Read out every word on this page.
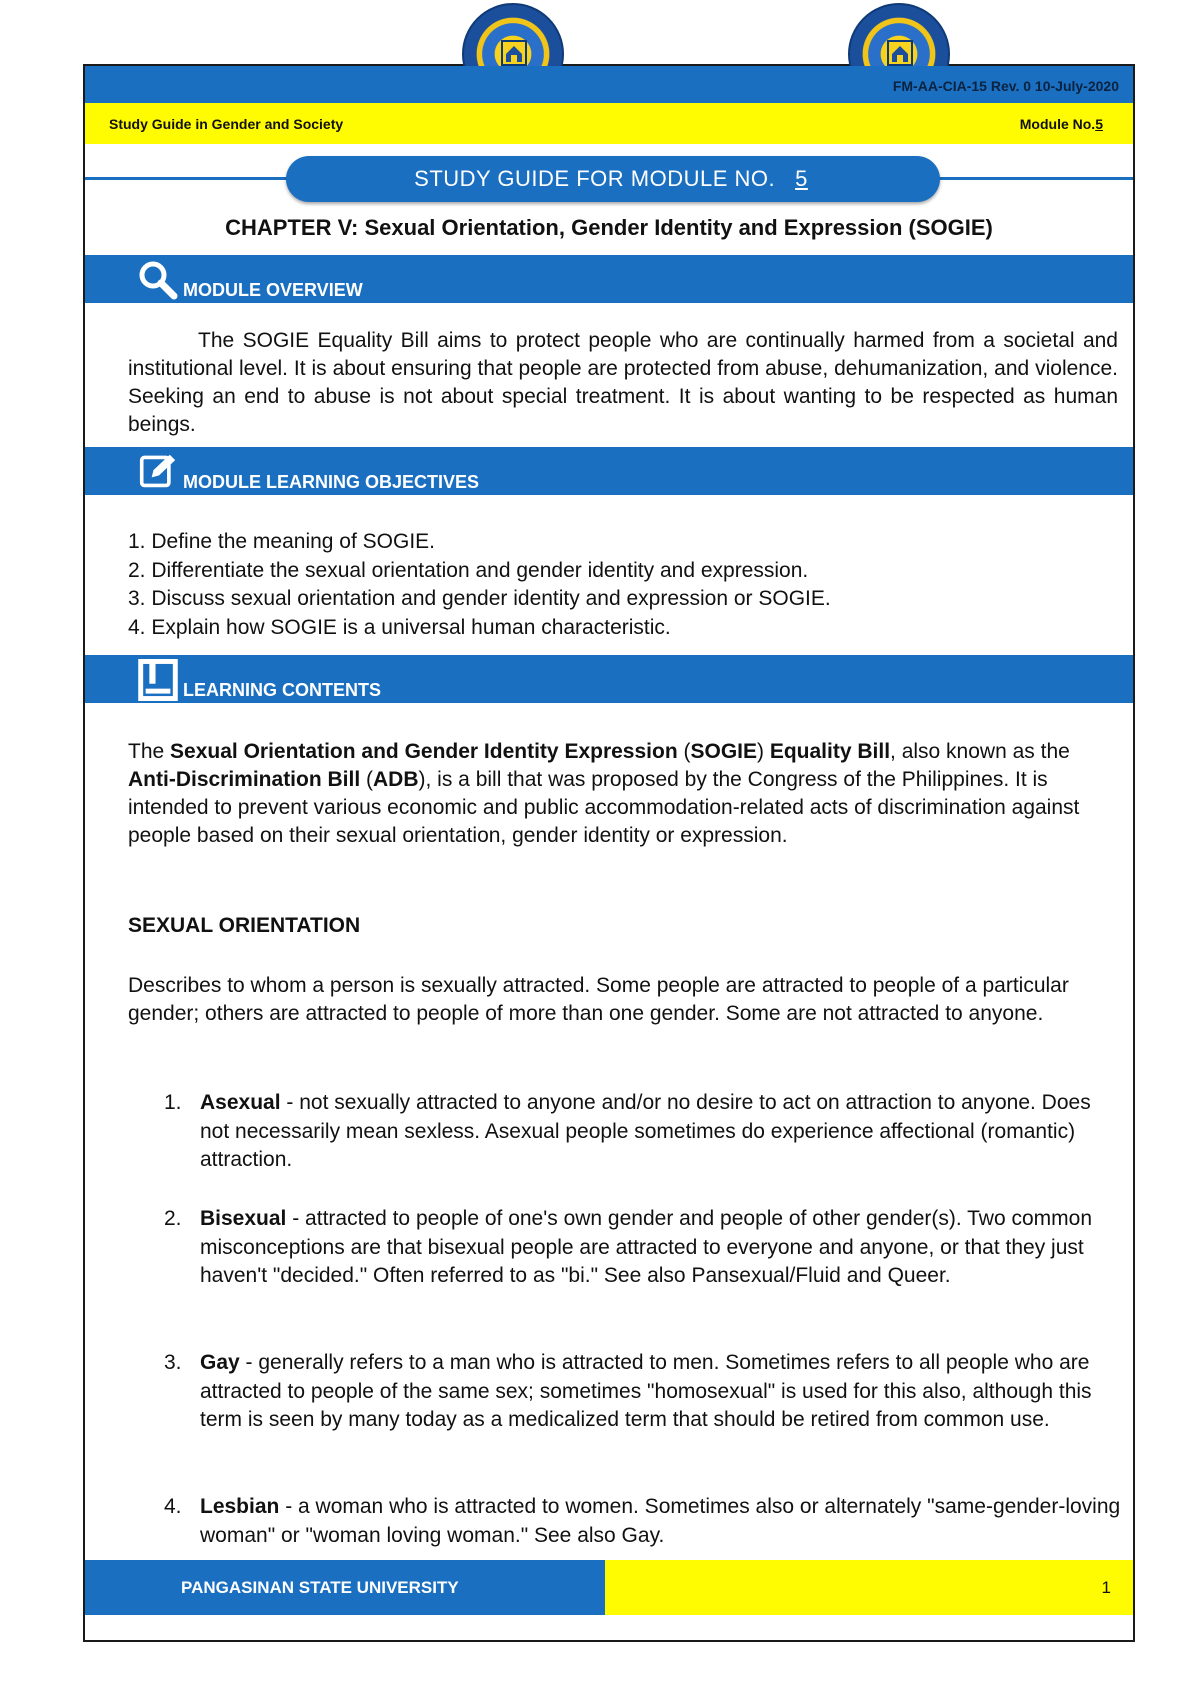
FM-AA-CIA-15 Rev. 0 10-July-2020
Study Guide in Gender and Society	Module No.5
STUDY GUIDE FOR MODULE NO. 5
CHAPTER V: Sexual Orientation, Gender Identity and Expression (SOGIE)
MODULE OVERVIEW
The SOGIE Equality Bill aims to protect people who are continually harmed from a societal and institutional level. It is about ensuring that people are protected from abuse, dehumanization, and violence. Seeking an end to abuse is not about special treatment. It is about wanting to be respected as human beings.
MODULE LEARNING OBJECTIVES
1. Define the meaning of SOGIE.
2. Differentiate the sexual orientation and gender identity and expression.
3. Discuss sexual orientation and gender identity and expression or SOGIE.
4. Explain how SOGIE is a universal human characteristic.
LEARNING CONTENTS
The Sexual Orientation and Gender Identity Expression (SOGIE) Equality Bill, also known as the Anti-Discrimination Bill (ADB), is a bill that was proposed by the Congress of the Philippines. It is intended to prevent various economic and public accommodation-related acts of discrimination against people based on their sexual orientation, gender identity or expression.
SEXUAL ORIENTATION
Describes to whom a person is sexually attracted. Some people are attracted to people of a particular gender; others are attracted to people of more than one gender. Some are not attracted to anyone.
1. Asexual - not sexually attracted to anyone and/or no desire to act on attraction to anyone. Does not necessarily mean sexless. Asexual people sometimes do experience affectional (romantic) attraction.
2. Bisexual - attracted to people of one's own gender and people of other gender(s). Two common misconceptions are that bisexual people are attracted to everyone and anyone, or that they just haven't "decided." Often referred to as "bi." See also Pansexual/Fluid and Queer.
3. Gay - generally refers to a man who is attracted to men. Sometimes refers to all people who are attracted to people of the same sex; sometimes "homosexual" is used for this also, although this term is seen by many today as a medicalized term that should be retired from common use.
4. Lesbian - a woman who is attracted to women. Sometimes also or alternately "same-gender-loving woman" or "woman loving woman." See also Gay.
PANGASINAN STATE UNIVERSITY	1
